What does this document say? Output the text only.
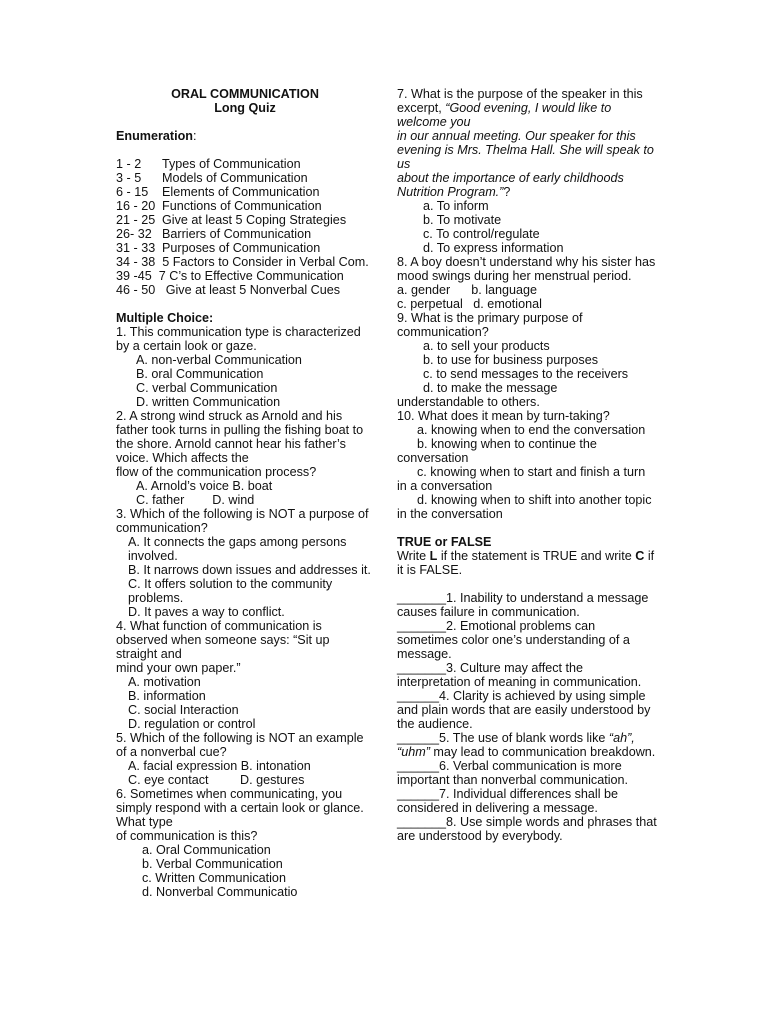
ORAL COMMUNICATION
Long Quiz

Enumeration:

1 - 2	Types of Communication
3 - 5	Models of Communication
6 - 15	Elements of Communication
16 - 20 Functions of Communication
21 - 25 Give at least 5 Coping Strategies
26- 32 Barriers of Communication
31 - 33 Purposes of Communication

34 - 38 5 Factors to Consider in Verbal Com.

39 -45 7 C’s to Effective Communication

46 - 50   Give at least 5 Nonverbal Cues

Multiple Choice:

1. This communication type is characterized by a certain look or gaze.

A. non-verbal Communication

B. oral Communication

C. verbal Communication

D. written Communication

2. A strong wind struck as Arnold and his father took turns in pulling the fishing boat to the shore. Arnold cannot hear his father’s voice. Which affects the

flow of the communication process?

A. Arnold’s voice B. boat

C. father        D. wind

3. Which of the following is NOT a purpose of communication?

A. It connects the gaps among persons involved.

B. It narrows down issues and addresses it.

C. It offers solution to the community problems.

D. It paves a way to conflict.

4. What function of communication is observed when someone says: “Sit up straight and

mind your own paper.”

A. motivation

B. information

C. social Interaction

D. regulation or control

5. Which of the following is NOT an example of a nonverbal cue?

A. facial expression B. intonation

C. eye contact         D. gestures

6. Sometimes when communicating, you simply respond with a certain look or glance. What type

of communication is this?

a. Oral Communication

b. Verbal Communication

c. Written Communication

d. Nonverbal Communicatio

7. What is the purpose of the speaker in this excerpt, “Good evening, I would like to welcome you

in our annual meeting. Our speaker for this evening is Mrs. Thelma Hall. She will speak to us

about the importance of early childhoods Nutrition Program.”?

a. To inform

b. To motivate

c. To control/regulate

d. To express information

8. A boy doesn’t understand why his sister has mood swings during her menstrual period.

a. gender      b. language

c. perpetual   d. emotional

9. What is the primary purpose of communication?

a. to sell your products

b. to use for business purposes

c. to send messages to the receivers

d. to make the message

understandable to others.

10. What does it mean by turn-taking?

a. knowing when to end the conversation

b. knowing when to continue the conversation

c. knowing when to start and finish a turn in a conversation

d. knowing when to shift into another topic in the conversation

TRUE or FALSE

Write L if the statement is TRUE and write C if it is FALSE.

_______1. Inability to understand a message causes failure in communication.

_______2. Emotional problems can sometimes color one’s understanding of a message.

_______3. Culture may affect the interpretation of meaning in communication.

______4. Clarity is achieved by using simple and plain words that are easily understood by the audience.

______5. The use of blank words like “ah”, “uhm” may lead to communication breakdown.

______6. Verbal communication is more important than nonverbal communication.

______7. Individual differences shall be considered in delivering a message.

_______8. Use simple words and phrases that are understood by everybody.
